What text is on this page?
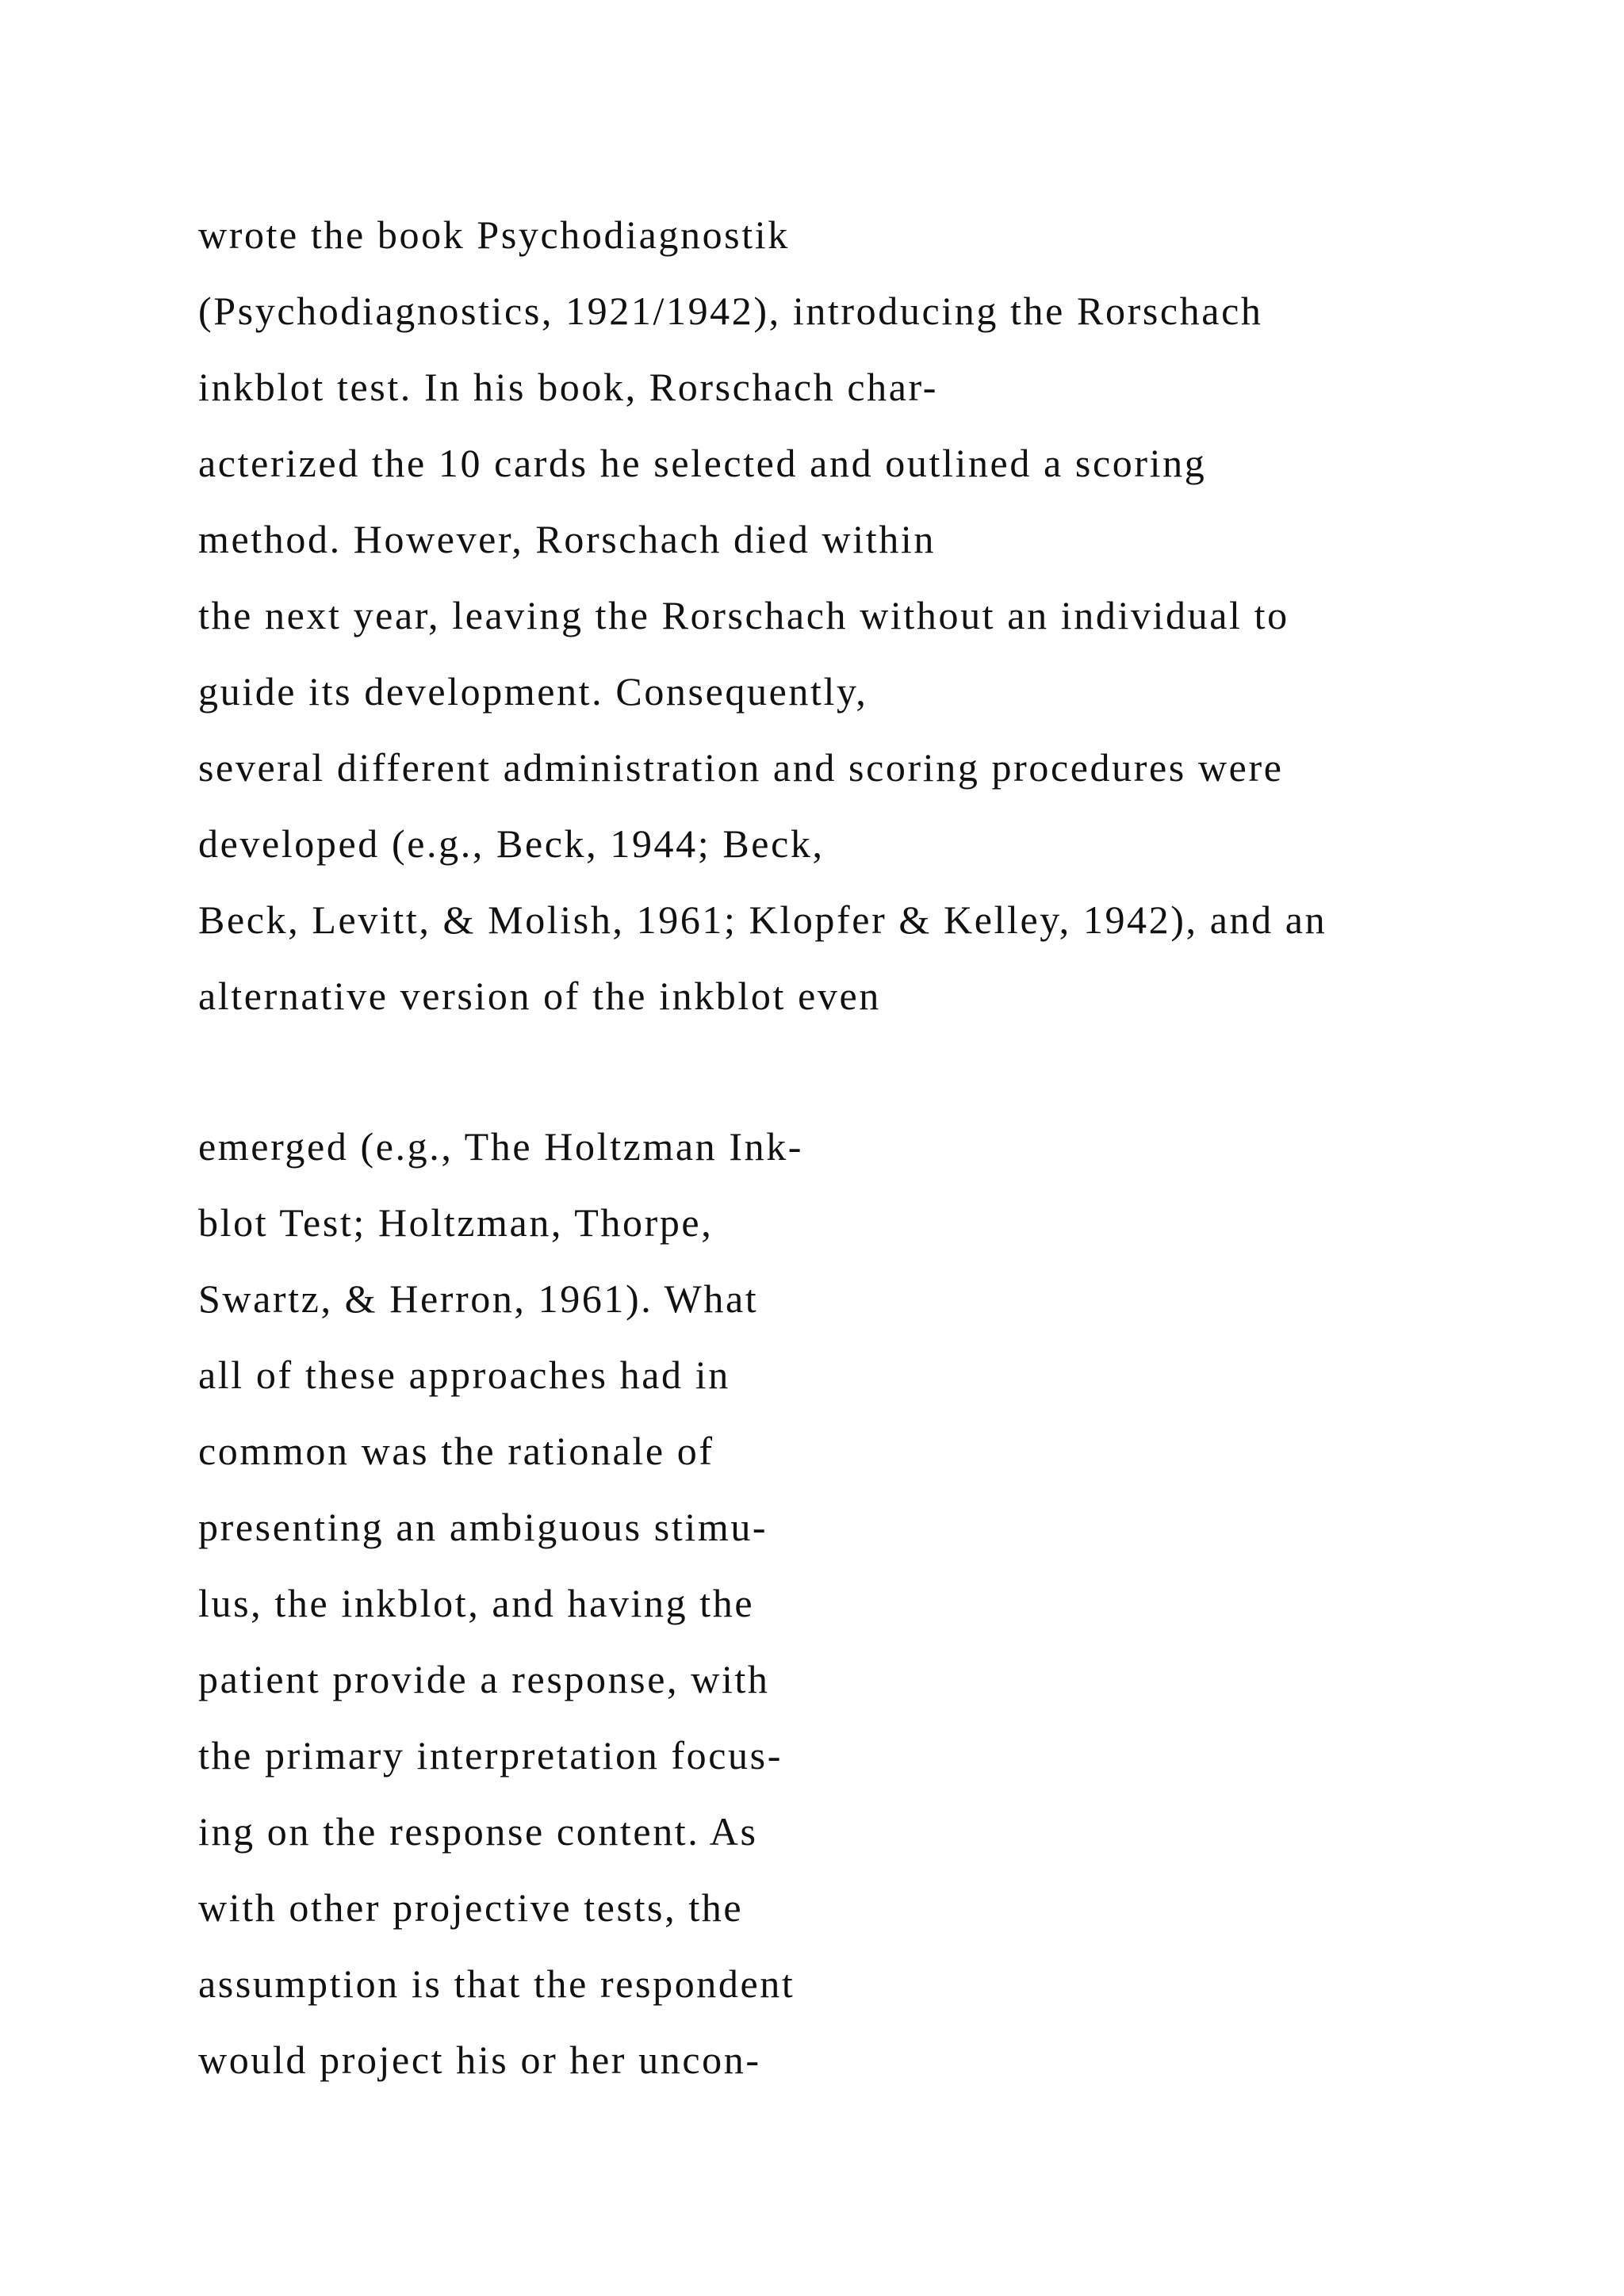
wrote the book Psychodiagnostik
(Psychodiagnostics, 1921/1942), introducing the Rorschach
inkblot test. In his book, Rorschach char-
acterized the 10 cards he selected and outlined a scoring
method. However, Rorschach died within
the next year, leaving the Rorschach without an individual to
guide its development. Consequently,
several different administration and scoring procedures were
developed (e.g., Beck, 1944; Beck,
Beck, Levitt, & Molish, 1961; Klopfer & Kelley, 1942), and an
alternative version of the inkblot even
emerged (e.g., The Holtzman Ink-
blot Test; Holtzman, Thorpe,
Swartz, & Herron, 1961). What
all of these approaches had in
common was the rationale of
presenting an ambiguous stimu-
lus, the inkblot, and having the
patient provide a response, with
the primary interpretation focus-
ing on the response content. As
with other projective tests, the
assumption is that the respondent
would project his or her uncon-
